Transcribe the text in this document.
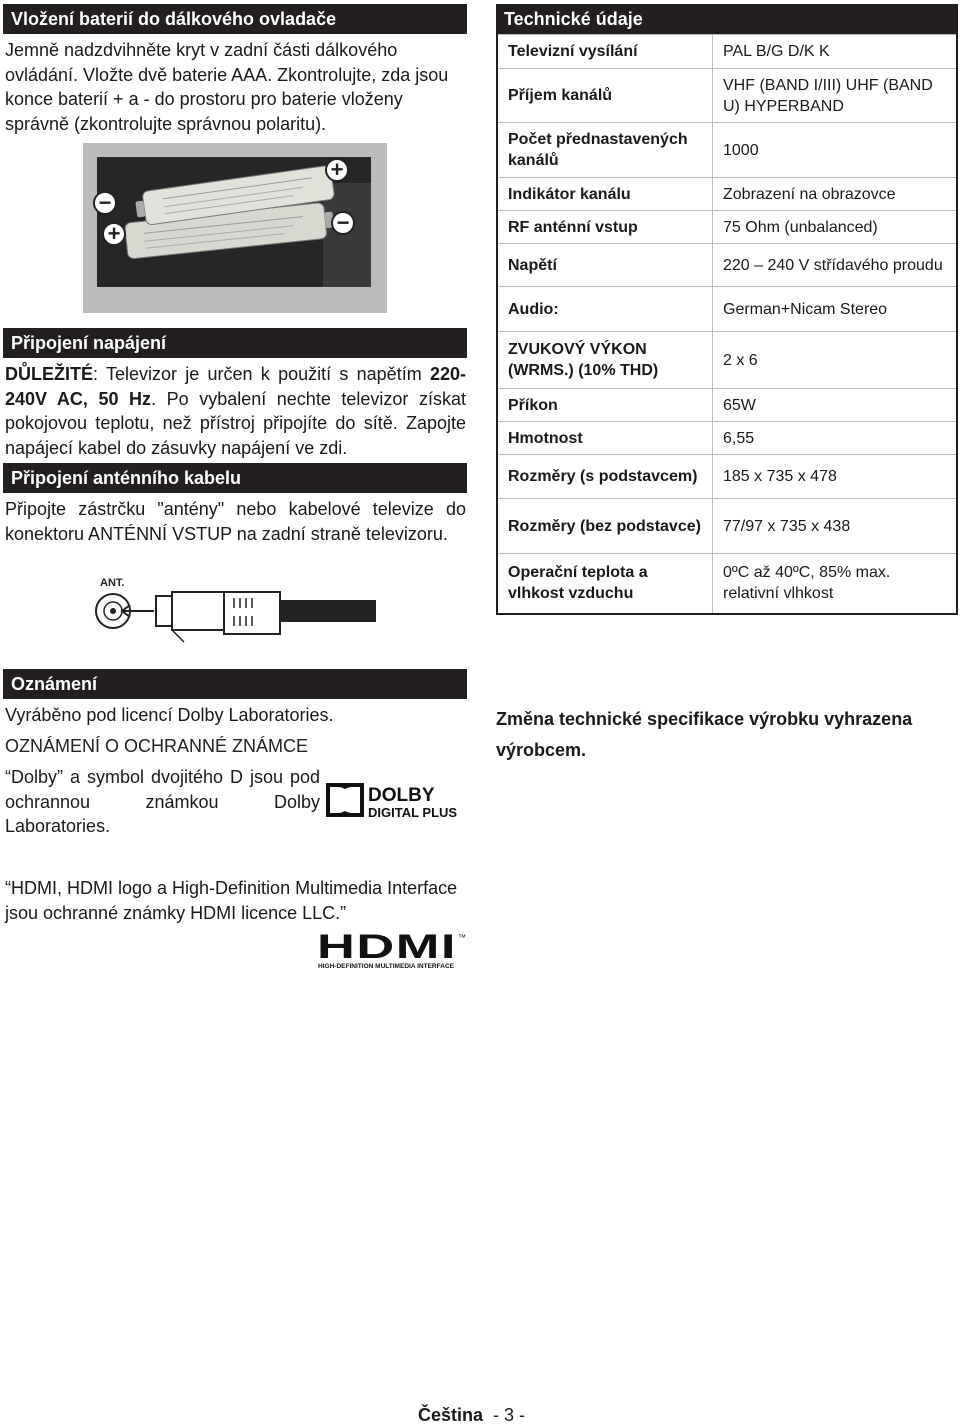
Vložení baterií do dálkového ovladače
Jemně nadzdvihněte kryt v zadní části dálkového ovládání. Vložte dvě baterie AAA. Zkontrolujte, zda jsou konce baterií + a - do prostoru pro baterie vloženy správně (zkontrolujte správnou polaritu).
−
+
+
−
Připojení napájení
DŮLEŽITÉ: Televizor je určen k použití s napětím 220-240V AC, 50 Hz. Po vybalení nechte televizor získat pokojovou teplotu, než přístroj připojíte do sítě. Zapojte napájecí kabel do zásuvky napájení ve zdi.
Připojení anténního kabelu
Připojte zástrčku "antény" nebo kabelové televize do konektoru ANTÉNNÍ VSTUP na zadní straně televizoru.
ANT.
Oznámení
Vyráběno pod licencí Dolby Laboratories.
OZNÁMENÍ O OCHRANNÉ ZNÁMCE
“Dolby” a symbol dvojitého D jsou pod ochrannou známkou Dolby Laboratories.
DOLBY
DIGITAL PLUS
“HDMI, HDMI logo a High-Definition Multimedia Interface jsou ochranné známky HDMI licence LLC.”
HDMI ™
HIGH-DEFINITION MULTIMEDIA INTERFACE
Technické údaje
Televizní vysílání	PAL B/G D/K K
Příjem kanálů	VHF (BAND I/III) UHF (BAND U) HYPERBAND
Počet přednastavených kanálů	1000
Indikátor kanálu	Zobrazení na obrazovce
RF anténní vstup	75 Ohm (unbalanced)
Napětí	220 – 240 V střídavého proudu
Audio:	German+Nicam Stereo
ZVUKOVÝ VÝKON (WRMS.) (10% THD)	2 x 6
Příkon	65W
Hmotnost	6,55
Rozměry (s podstavcem)	185 x 735 x 478
Rozměry (bez podstavce)	77/97 x 735 x 438
Operační teplota a vlhkost vzduchu	0ºC až 40ºC, 85% max. relativní vlhkost
Změna technické specifikace výrobku vyhrazena výrobcem.
Čeština - 3 -
